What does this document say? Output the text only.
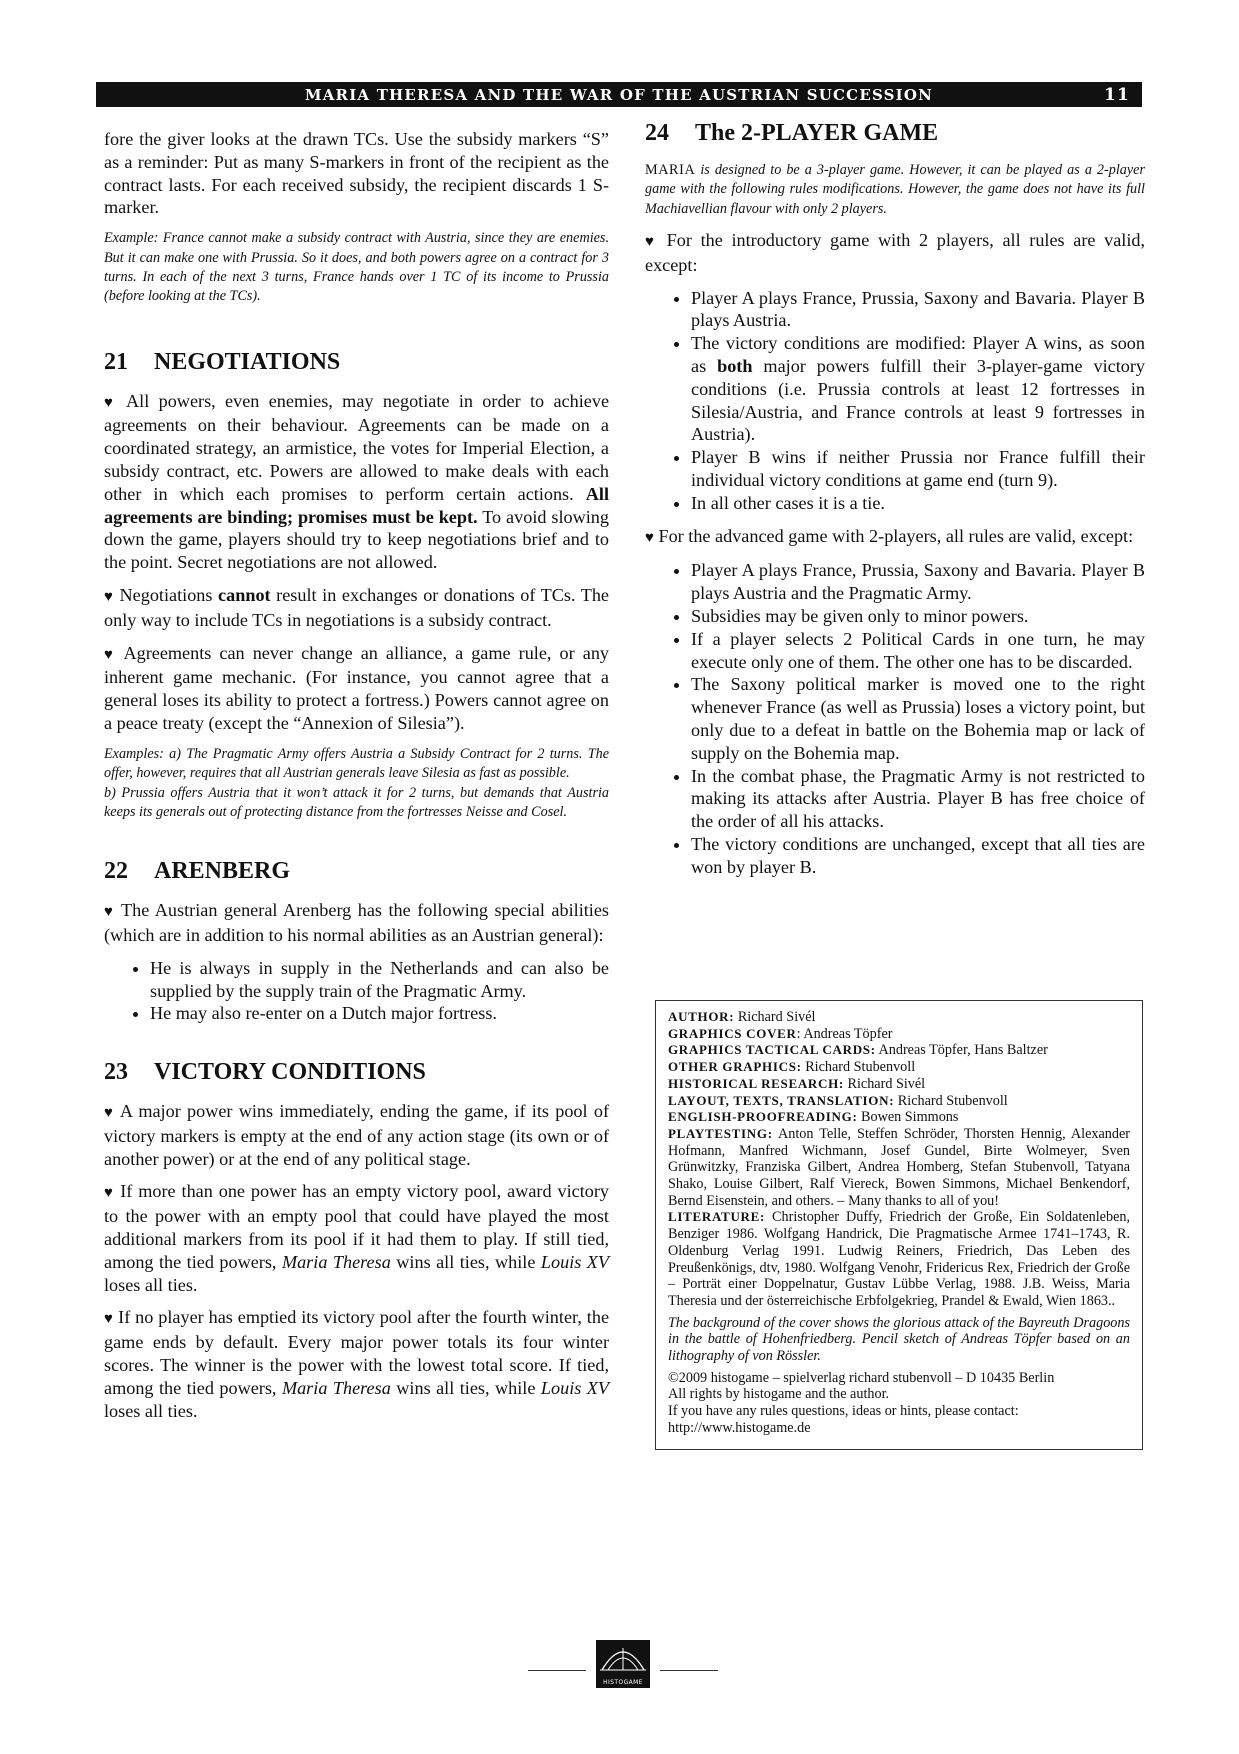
MARIA THERESA AND THE WAR OF THE AUSTRIAN SUCCESSION	11

fore the giver looks at the drawn TCs. Use the subsidy markers “S” as a reminder: Put as many S-markers in front of the recipient as the contract lasts. For each received subsidy, the recipient discards 1 S-marker.

Example: France cannot make a subsidy contract with Austria, since they are enemies. But it can make one with Prussia. So it does, and both powers agree on a contract for 3 turns. In each of the next 3 turns, France hands over 1 TC of its income to Prussia (before looking at the TCs).
21 NEGOTIATIONS

♥ All powers, even enemies, may negotiate in order to achieve agreements on their behaviour. Agreements can be made on a coordinated strategy, an armistice, the votes for Imperial Election, a subsidy contract, etc. Powers are allowed to make deals with each other in which each promises to perform certain actions. All agreements are binding; promises must be kept. To avoid slowing down the game, players should try to keep negotiations brief and to the point. Secret negotiations are not allowed.

♥ Negotiations cannot result in exchanges or donations of TCs. The only way to include TCs in negotiations is a subsidy contract.

♥ Agreements can never change an alliance, a game rule, or any inherent game mechanic. (For instance, you cannot agree that a general loses its ability to protect a fortress.) Powers cannot agree on a peace treaty (except the “Annexion of Silesia”).

Examples: a) The Pragmatic Army offers Austria a Subsidy Contract for 2 turns. The offer, however, requires that all Austrian generals leave Silesia as fast as possible.
b) Prussia offers Austria that it won’t attack it for 2 turns, but demands that Austria keeps its generals out of protecting distance from the fortresses Neisse and Cosel.
22 ARENBERG

♥ The Austrian general Arenberg has the following special abilities (which are in addition to his normal abilities as an Austrian general):

• He is always in supply in the Netherlands and can also be supplied by the supply train of the Pragmatic Army.
• He may also re-enter on a Dutch major fortress.
23 VICTORY CONDITIONS

♥ A major power wins immediately, ending the game, if its pool of victory markers is empty at the end of any action stage (its own or of another power) or at the end of any political stage.

♥ If more than one power has an empty victory pool, award victory to the power with an empty pool that could have played the most additional markers from its pool if it had them to play. If still tied, among the tied powers, Maria Theresa wins all ties, while Louis XV loses all ties.

♥ If no player has emptied its victory pool after the fourth winter, the game ends by default. Every major power totals its four winter scores. The winner is the power with the lowest total score. If tied, among the tied powers, Maria Theresa wins all ties, while Louis XV loses all ties.

24 The 2-PLAYER GAME
MARIA is designed to be a 3-player game. However, it can be played as a 2-player game with the following rules modifications. However, the game does not have its full Machiavellian flavour with only 2 players.

♥ For the introductory game with 2 players, all rules are valid, except:

• Player A plays France, Prussia, Saxony and Bavaria. Player B plays Austria.
• The victory conditions are modified: Player A wins, as soon as both major powers fulfill their 3-player-game victory conditions (i.e. Prussia controls at least 12 fortresses in Silesia/Austria, and France controls at least 9 fortresses in Austria).
• Player B wins if neither Prussia nor France fulfill their individual victory conditions at game end (turn 9).
• In all other cases it is a tie.

♥ For the advanced game with 2-players, all rules are valid, except:

• Player A plays France, Prussia, Saxony and Bavaria. Player B plays Austria and the Pragmatic Army.
• Subsidies may be given only to minor powers.
• If a player selects 2 Political Cards in one turn, he may execute only one of them. The other one has to be discarded.
• The Saxony political marker is moved one to the right whenever France (as well as Prussia) loses a victory point, but only due to a defeat in battle on the Bohemia map or lack of supply on the Bohemia map.
• In the combat phase, the Pragmatic Army is not restricted to making its attacks after Austria. Player B has free choice of the order of all his attacks.
• The victory conditions are unchanged, except that all ties are won by player B.
AUTHOR: Richard Sivél
GRAPHICS COVER: Andreas Töpfer
GRAPHICS TACTICAL CARDS: Andreas Töpfer, Hans Baltzer
OTHER GRAPHICS: Richard Stubenvoll
HISTORICAL RESEARCH: Richard Sivél
LAYOUT, TEXTS, TRANSLATION: Richard Stubenvoll
ENGLISH-PROOFREADING: Bowen Simmons
PLAYTESTING: Anton Telle, Steffen Schröder, Thorsten Hennig, Alexander Hofmann, Manfred Wichmann, Josef Gundel, Birte Wolmeyer, Sven Grünwitzky, Franziska Gilbert, Andrea Homberg, Stefan Stubenvoll, Tatyana Shako, Louise Gilbert, Ralf Viereck, Bowen Simmons, Michael Benkendorf, Bernd Eisenstein, and others. – Many thanks to all of you!
LITERATURE: Christopher Duffy, Friedrich der Große, Ein Soldatenleben, Benziger 1986. Wolfgang Handrick, Die Pragmatische Armee 1741–1743, R. Oldenburg Verlag 1991. Ludwig Reiners, Friedrich, Das Leben des Preußenkönigs, dtv, 1980. Wolfgang Venohr, Fridericus Rex, Friedrich der Große – Porträt einer Doppelnatur, Gustav Lübbe Verlag, 1988. J.B. Weiss, Maria Theresia und der österreichische Erbfolgekrieg, Prandel & Ewald, Wien 1863..
The background of the cover shows the glorious attack of the Bayreuth Dragoons in the battle of Hohenfriedberg. Pencil sketch of Andreas Töpfer based on an lithography of von Rössler.
©2009 histogame – spielverlag richard stubenvoll – D 10435 Berlin
All rights by histogame and the author.
If you have any rules questions, ideas or hints, please contact:
http://www.histogame.de
HISTOGAME
